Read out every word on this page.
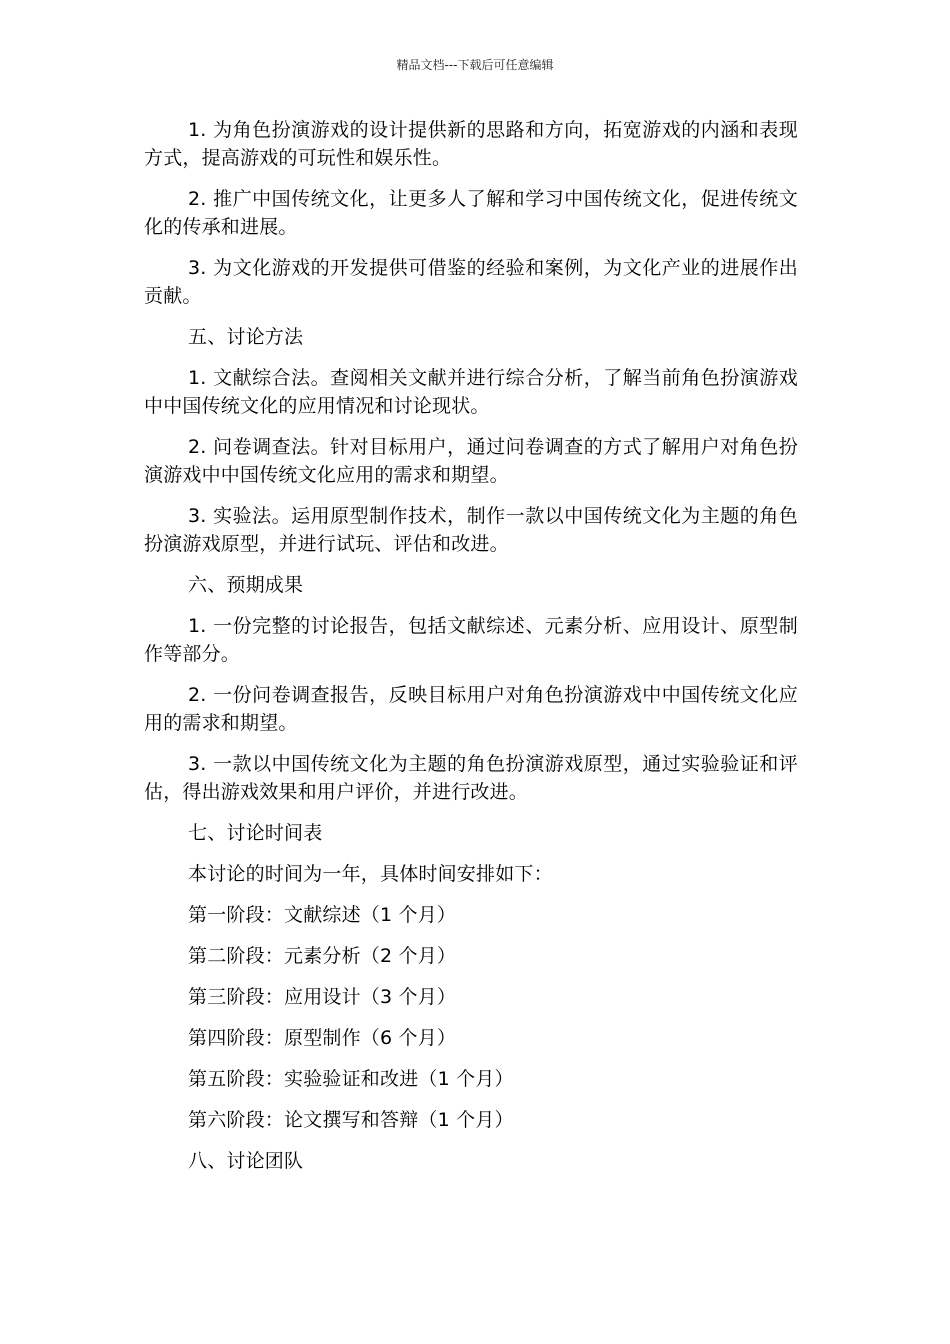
精品文档---下载后可任意编辑

1. 为角色扮演游戏的设计提供新的思路和方向，拓宽游戏的内涵和表现方式，提高游戏的可玩性和娱乐性。

2. 推广中国传统文化，让更多人了解和学习中国传统文化，促进传统文化的传承和进展。

3. 为文化游戏的开发提供可借鉴的经验和案例，为文化产业的进展作出贡献。

五、讨论方法

1. 文献综合法。查阅相关文献并进行综合分析，了解当前角色扮演游戏中中国传统文化的应用情况和讨论现状。

2. 问卷调查法。针对目标用户，通过问卷调查的方式了解用户对角色扮演游戏中中国传统文化应用的需求和期望。

3. 实验法。运用原型制作技术，制作一款以中国传统文化为主题的角色扮演游戏原型，并进行试玩、评估和改进。

六、预期成果

1. 一份完整的讨论报告，包括文献综述、元素分析、应用设计、原型制作等部分。

2. 一份问卷调查报告，反映目标用户对角色扮演游戏中中国传统文化应用的需求和期望。

3. 一款以中国传统文化为主题的角色扮演游戏原型，通过实验验证和评估，得出游戏效果和用户评价，并进行改进。

七、讨论时间表

本讨论的时间为一年，具体时间安排如下：

第一阶段：文献综述（1 个月）

第二阶段：元素分析（2 个月）

第三阶段：应用设计（3 个月）

第四阶段：原型制作（6 个月）

第五阶段：实验验证和改进（1 个月）

第六阶段：论文撰写和答辩（1 个月）

八、讨论团队
